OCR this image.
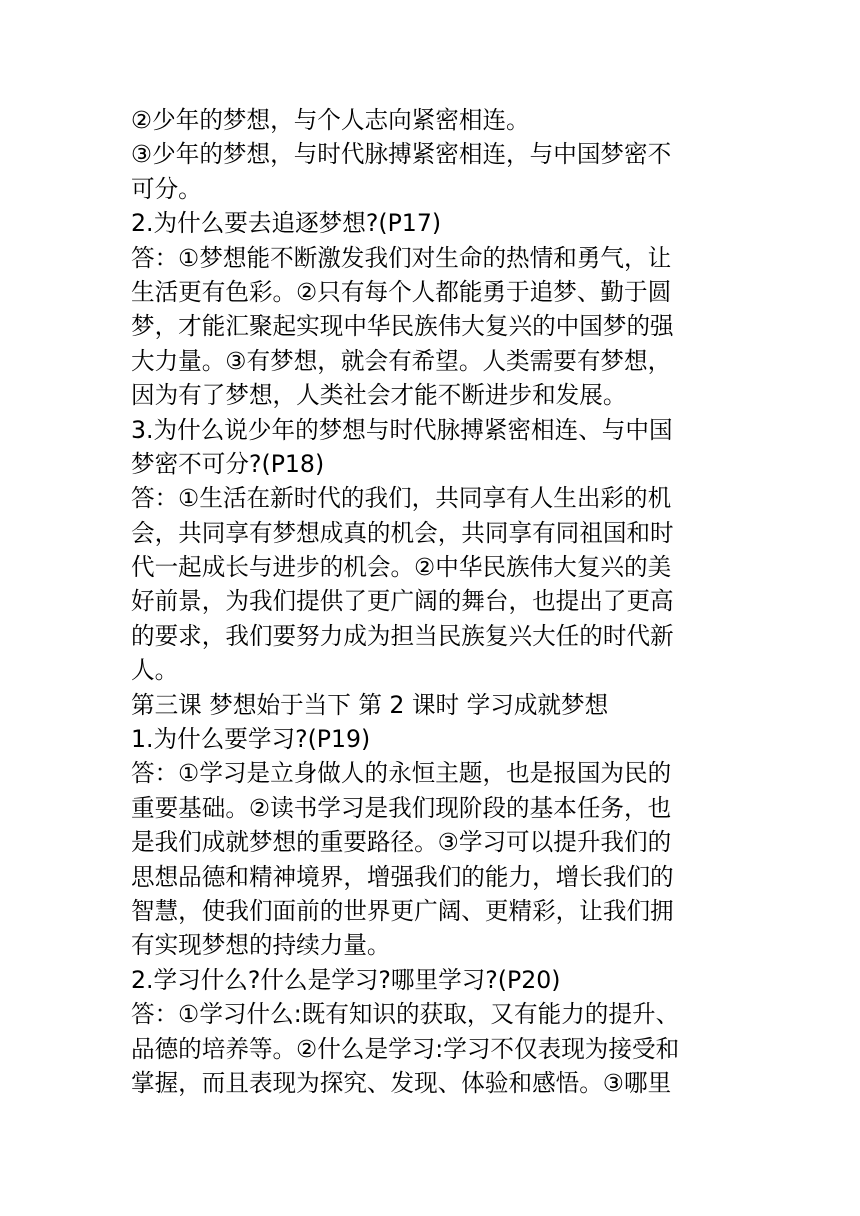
②少年的梦想，与个人志向紧密相连。
③少年的梦想，与时代脉搏紧密相连，与中国梦密不
可分。
2.为什么要去追逐梦想?(P17)
答：①梦想能不断激发我们对生命的热情和勇气，让
生活更有色彩。②只有每个人都能勇于追梦、勤于圆
梦，才能汇聚起实现中华民族伟大复兴的中国梦的强
大力量。③有梦想，就会有希望。人类需要有梦想，
因为有了梦想，人类社会才能不断进步和发展。
3.为什么说少年的梦想与时代脉搏紧密相连、与中国
梦密不可分?(P18)
答：①生活在新时代的我们，共同享有人生出彩的机
会，共同享有梦想成真的机会，共同享有同祖国和时
代一起成长与进步的机会。②中华民族伟大复兴的美
好前景，为我们提供了更广阔的舞台，也提出了更高
的要求，我们要努力成为担当民族复兴大任的时代新
人。
第三课 梦想始于当下 第 2 课时 学习成就梦想
1.为什么要学习?(P19)
答：①学习是立身做人的永恒主题，也是报国为民的
重要基础。②读书学习是我们现阶段的基本任务，也
是我们成就梦想的重要路径。③学习可以提升我们的
思想品德和精神境界，增强我们的能力，增长我们的
智慧，使我们面前的世界更广阔、更精彩，让我们拥
有实现梦想的持续力量。
2.学习什么?什么是学习?哪里学习?(P20)
答：①学习什么:既有知识的获取，又有能力的提升、
品德的培养等。②什么是学习:学习不仅表现为接受和
掌握，而且表现为探究、发现、体验和感悟。③哪里
